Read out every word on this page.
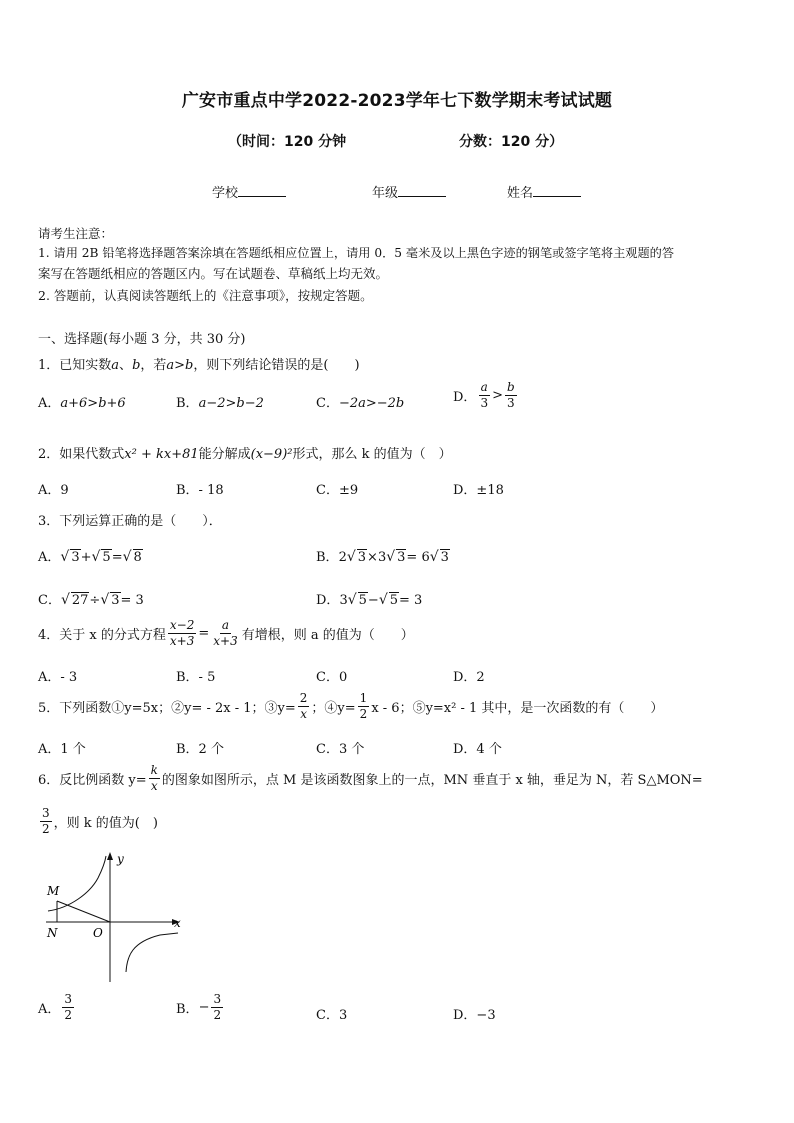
广安市重点中学2022-2023学年七下数学期末考试试题
（时间：120 分钟	分数：120 分）
学校	年级	姓名
请考生注意：
1. 请用 2B 铅笔将选择题答案涂填在答题纸相应位置上，请用 0．5 毫米及以上黑色字迹的钢笔或签字笔将主观题的答
案写在答题纸相应的答题区内。写在试题卷、草稿纸上均无效。
2. 答题前，认真阅读答题纸上的《注意事项》，按规定答题。
一、选择题(每小题 3 分，共 30 分)
1．已知实数a、b，若a>b，则下列结论错误的是(　　)
A．a+6>b+6	B．a−2>b−2	C．−2a>−2b	D． $\frac{a}{3} > \frac{b}{3}$
2．如果代数式x² + kx+81能分解成(x−9)²形式，那么 k 的值为（　）
A．9	B．- 18	C．±9	D．±18
3．下列运算正确的是（　　）．
A．√ 3+√ 5=√ 8	B．2√ 3×3√ 3= 6√ 3
C．√ 27÷√ 3= 3	D．3√ 5−√ 5= 3
4．关于 x 的分式方程 $\frac{x-2}{x+3} = \frac{a}{x+3}$ 有增根，则 a 的值为（　　）
A．- 3	B．- 5	C．0	D．2
5．下列函数①y=5x；②y= - 2x - 1；③y= $\frac{2}{x}$ ；④y= $\frac{1}{2}$ x - 6；⑤y=x² - 1 其中，是一次函数的有（　　）
A．1 个	B．2 个	C．3 个	D．4 个
6．反比例函数 $y= \frac{k}{x}$ 的图象如图所示，点 M 是该函数图象上的一点，MN 垂直于 x 轴，垂足为 N，若 S△MON=
$\frac{3}{2}$ ，则 k 的值为(　)
M
N	O
x
y
A． $\frac{3}{2}$	B．− $\frac{3}{2}$	C．3	D．−3
